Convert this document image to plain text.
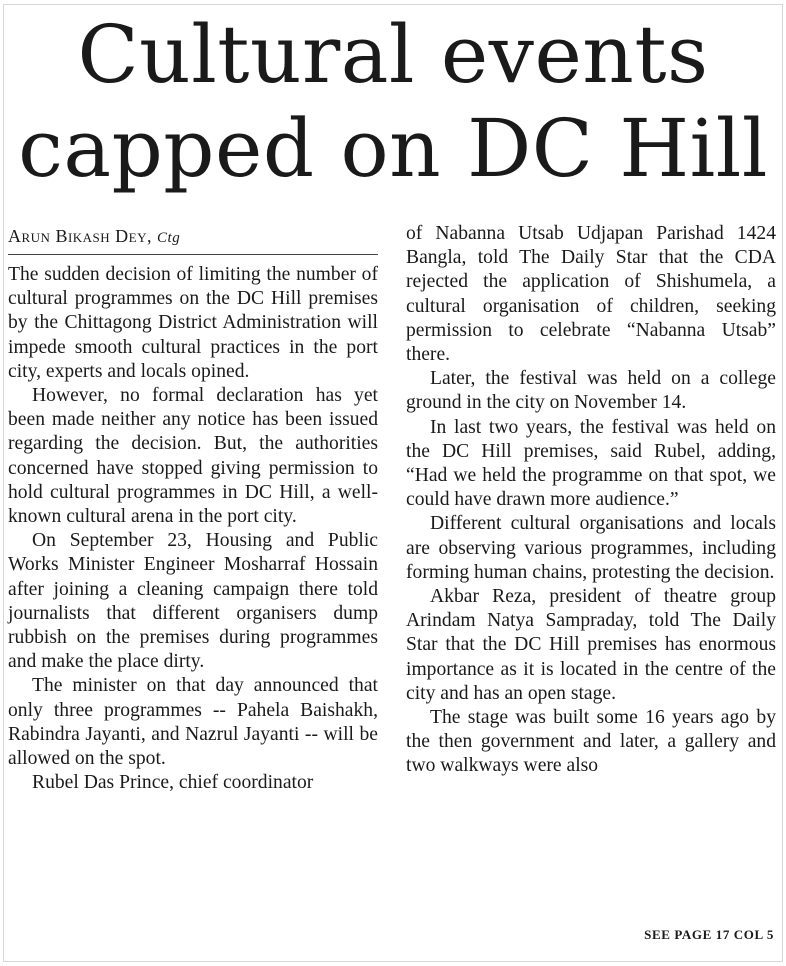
Cultural events
capped on DC Hill
Arun Bikash Dey, Ctg

The sudden decision of limiting the number of cultural programmes on the DC Hill premises by the Chittagong District Administration will impede smooth cultural practices in the port city, experts and locals opined.

However, no formal declaration has yet been made neither any notice has been issued regarding the decision. But, the authorities concerned have stopped giving permission to hold cultural programmes in DC Hill, a well-known cultural arena in the port city.

On September 23, Housing and Public Works Minister Engineer Mosharraf Hossain after joining a cleaning campaign there told journalists that different organisers dump rubbish on the premises during programmes and make the place dirty.

The minister on that day announced that only three programmes -- Pahela Baishakh, Rabindra Jayanti, and Nazrul Jayanti -- will be allowed on the spot.

Rubel Das Prince, chief coordinator

of Nabanna Utsab Udjapan Parishad 1424 Bangla, told The Daily Star that the CDA rejected the application of Shishumela, a cultural organisation of children, seeking permission to celebrate “Nabanna Utsab” there.

Later, the festival was held on a college ground in the city on November 14.

In last two years, the festival was held on the DC Hill premises, said Rubel, adding, “Had we held the programme on that spot, we could have drawn more audience.”

Different cultural organisations and locals are observing various programmes, including forming human chains, protesting the decision.

Akbar Reza, president of theatre group Arindam Natya Sampraday, told The Daily Star that the DC Hill premises has enormous importance as it is located in the centre of the city and has an open stage.

The stage was built some 16 years ago by the then government and later, a gallery and two walkways were also

SEE PAGE 17 COL 5
